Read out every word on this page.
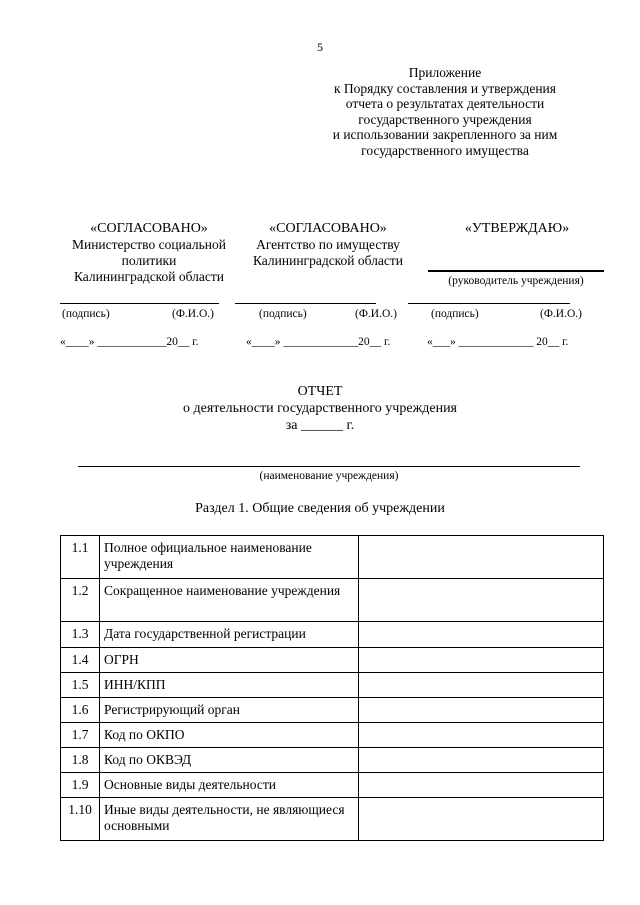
5
Приложение
к Порядку составления и утверждения
отчета о результатах деятельности
государственного учреждения
и использовании закрепленного за ним
государственного имущества
«СОГЛАСОВАНО»
Министерство социальной
политики
Калининградской области
«СОГЛАСОВАНО»
Агентство по имуществу
Калининградской области
«УТВЕРЖДАЮ»
(руководитель учреждения)
(подпись)	(Ф.И.О.)	(подпись)	(Ф.И.О.)	(подпись)	(Ф.И.О.)
«____» ____________20__ г.	«____» _____________20__ г.	«___» _____________ 20__ г.
ОТЧЕТ
о деятельности государственного учреждения
за ______ г.
(наименование учреждения)
Раздел 1. Общие сведения об учреждении
1.1	Полное официальное наименование учреждения	
1.2	Сокращенное наименование учреждения	
1.3	Дата государственной регистрации	
1.4	ОГРН	
1.5	ИНН/КПП	
1.6	Регистрирующий орган	
1.7	Код по ОКПО	
1.8	Код по ОКВЭД	
1.9	Основные виды деятельности	
1.10	Иные виды деятельности, не являющиеся основными	
